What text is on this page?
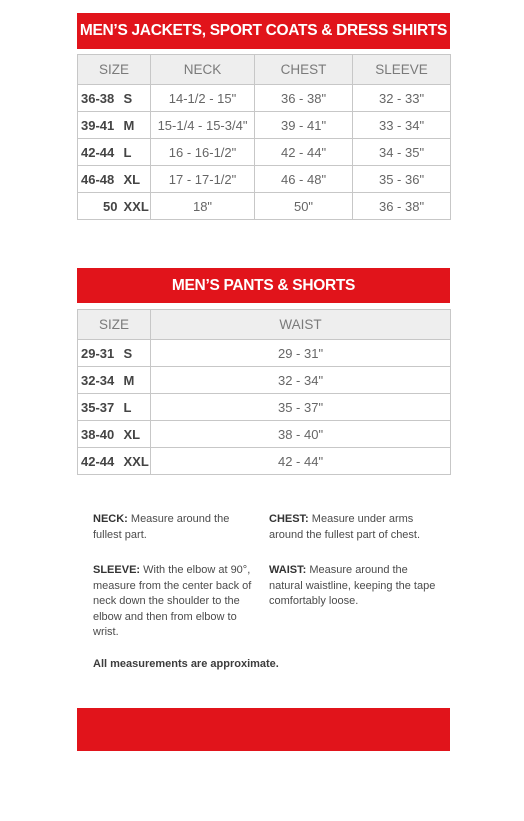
MEN’S JACKETS, SPORT COATS & DRESS SHIRTS
SIZE		NECK	CHEST	SLEEVE
36-38	S	14-1/2 - 15"	36 - 38"	32 - 33"
39-41	M	15-1/4 - 15-3/4"	39 - 41"	33 - 34"
42-44	L	16 - 16-1/2"	42 - 44"	34 - 35"
46-48	XL	17 - 17-1/2"	46 - 48"	35 - 36"
50	XXL	18"	50"	36 - 38"
MEN’S PANTS & SHORTS
SIZE		WAIST
29-31	S	29 - 31"
32-34	M	32 - 34"
35-37	L	35 - 37"
38-40	XL	38 - 40"
42-44	XXL	42 - 44"
NECK: Measure around the fullest part.
CHEST: Measure under arms around the fullest part of chest.
SLEEVE: With the elbow at 90°, measure from the center back of neck down the shoulder to the elbow and then from elbow to wrist.
WAIST: Measure around the natural waistline, keeping the tape comfortably loose.
All measurements are approximate.
